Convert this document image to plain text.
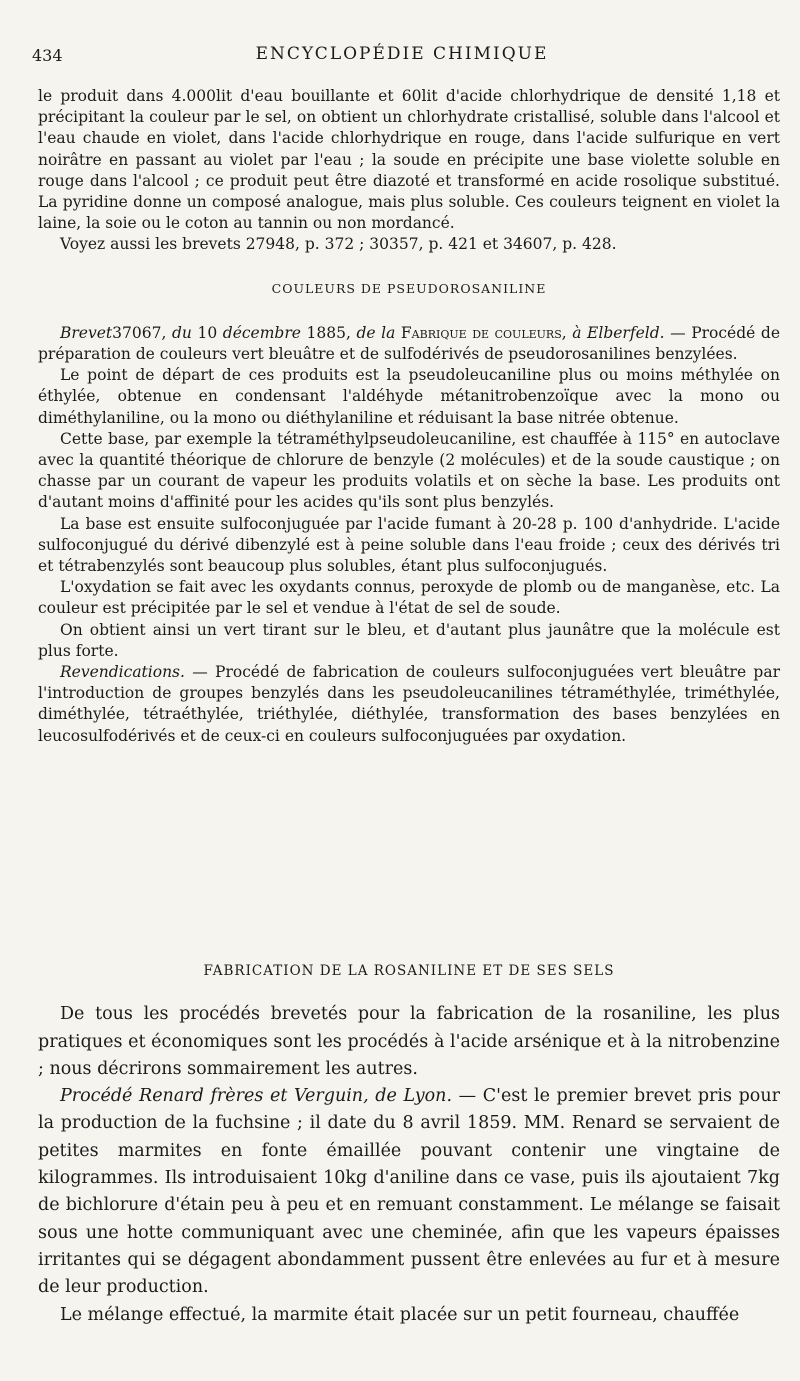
434	ENCYCLOPÉDIE CHIMIQUE

le produit dans 4.000lit d'eau bouillante et 60lit d'acide chlorhydrique de densité 1,18 et précipitant la couleur par le sel, on obtient un chlorhydrate cristallisé, soluble dans l'alcool et l'eau chaude en violet, dans l'acide chlorhydrique en rouge, dans l'acide sulfurique en vert noirâtre en passant au violet par l'eau ; la soude en précipite une base violette soluble en rouge dans l'alcool ; ce produit peut être diazoté et transformé en acide rosolique substitué. La pyridine donne un composé analogue, mais plus soluble. Ces couleurs teignent en violet la laine, la soie ou le coton au tannin ou non mordancé.

Voyez aussi les brevets 27948, p. 372 ; 30357, p. 421 et 34607, p. 428.

COULEURS DE PSEUDOROSANILINE

Brevet37067, du 10 décembre 1885, de la Fabrique de couleurs, à Elberfeld. — Procédé de préparation de couleurs vert bleuâtre et de sulfodérivés de pseudorosanilines benzylées.

Le point de départ de ces produits est la pseudoleucaniline plus ou moins méthylée on éthylée, obtenue en condensant l'aldéhyde métanitrobenzoïque avec la mono ou diméthylaniline, ou la mono ou diéthylaniline et réduisant la base nitrée obtenue.

Cette base, par exemple la tétraméthylpseudoleucaniline, est chauffée à 115° en autoclave avec la quantité théorique de chlorure de benzyle (2 molécules) et de la soude caustique ; on chasse par un courant de vapeur les produits volatils et on sèche la base. Les produits ont d'autant moins d'affinité pour les acides qu'ils sont plus benzylés.

La base est ensuite sulfoconjuguée par l'acide fumant à 20-28 p. 100 d'anhydride. L'acide sulfoconjugué du dérivé dibenzylé est à peine soluble dans l'eau froide ; ceux des dérivés tri et tétrabenzylés sont beaucoup plus solubles, étant plus sulfoconjugués.

L'oxydation se fait avec les oxydants connus, peroxyde de plomb ou de manganèse, etc. La couleur est précipitée par le sel et vendue à l'état de sel de soude.

On obtient ainsi un vert tirant sur le bleu, et d'autant plus jaunâtre que la molécule est plus forte.

Revendications. — Procédé de fabrication de couleurs sulfoconjuguées vert bleuâtre par l'introduction de groupes benzylés dans les pseudoleucanilines tétraméthylée, triméthylée, diméthylée, tétraéthylée, triéthylée, diéthylée, transformation des bases benzylées en leucosulfodérivés et de ceux-ci en couleurs sulfoconjuguées par oxydation.

FABRICATION DE LA ROSANILINE ET DE SES SELS

De tous les procédés brevetés pour la fabrication de la rosaniline, les plus pratiques et économiques sont les procédés à l'acide arsénique et à la nitrobenzine ; nous décrirons sommairement les autres.

Procédé Renard frères et Verguin, de Lyon. — C'est le premier brevet pris pour la production de la fuchsine ; il date du 8 avril 1859. MM. Renard se servaient de petites marmites en fonte émaillée pouvant contenir une vingtaine de kilogrammes. Ils introduisaient 10kg d'aniline dans ce vase, puis ils ajoutaient 7kg de bichlorure d'étain peu à peu et en remuant constamment. Le mélange se faisait sous une hotte communiquant avec une cheminée, afin que les vapeurs épaisses irritantes qui se dégagent abondamment pussent être enlevées au fur et à mesure de leur production.

Le mélange effectué, la marmite était placée sur un petit fourneau, chauffée
